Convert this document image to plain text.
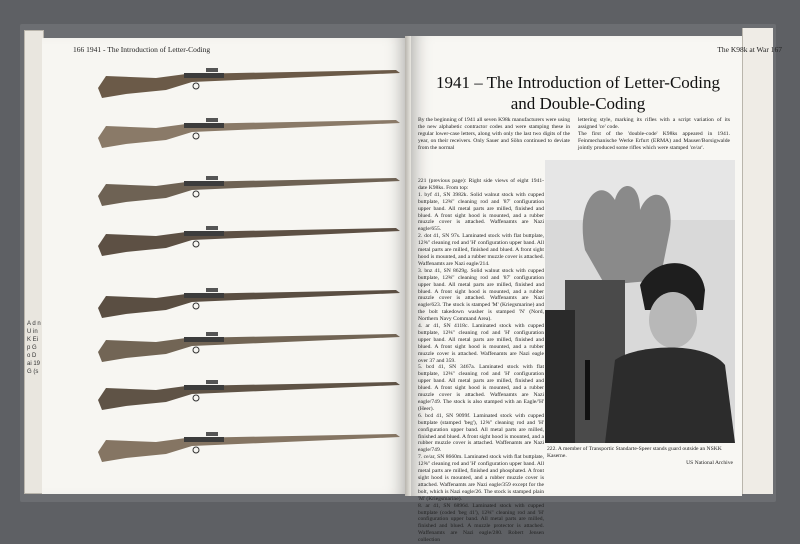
A d n U in K Ei p G o D ai 19 G (s
166 1941 - The Introduction of Letter-Coding	The K98k at War 167
1941 – The Introduction of Letter-Coding
and Double-Coding
By the beginning of 1941 all seven K98k manufacturers were using the new alphabetic contractor codes and were stamping these in regular lower-case letters, along with only the last two digits of the year, on their receivers. Only Sauer and Söhn continued to deviate from the normal
lettering style, marking its rifles with a script variation of its assigned 'ce' code.
The first of the 'double-code' K98ks appeared in 1941. Feinmechanische Werke Erfurt (ERMA) and Mauser/Borsigwalde jointly produced some rifles which were stamped 'ce/ar'.

221 (previous page): Right side views of eight 1941-date K98ks. From top:

1. byf 41, SN 3982k. Solid walnut stock with cupped buttplate, 12⅝" cleaning rod and '87' configuration upper band. All metal parts are milled, finished and blued. A front sight hood is mounted, and a rubber muzzle cover is attached. Waffenamts are Nazi eagle/655.

2. dot 41, SN 97s. Laminated stock with flat buttplate, 12⅝" cleaning rod and 'H' configuration upper band. All metal parts are milled, finished and blued. A front sight hood is mounted, and a rubber muzzle cover is attached. Waffenamts are Nazi eagle/214.

3. bnz 41, SN 8629g. Solid walnut stock with cupped buttplate, 12⅝" cleaning rod and '87' configuration upper band. All metal parts are milled, finished and blued. A front sight hood is mounted, and a rubber muzzle cover is attached. Waffenamts are Nazi eagle/623. The stock is stamped 'M' (Kriegsmarine) and the bolt takedown washer is stamped 'N' (Nord, Northern Navy Command Area).

4. ar 41, SN 4118c. Laminated stock with cupped buttplate, 12⅝" cleaning rod and 'H' configuration upper band. All metal parts are milled, finished and blued. A front sight hood is mounted, and a rubber muzzle cover is attached. Waffenamts are Nazi eagle over 37 and 359.

5. bcd 41, SN 3467a. Laminated stock with flat buttplate, 12⅝" cleaning rod and 'H' configuration upper band. All metal parts are milled, finished and blued. A front sight hood is mounted, and a rubber muzzle cover is attached. Waffenamts are Nazi eagle/749. The stock is also stamped with an Eagle/'H' (Heer).

6. bcd 41, SN 9099f. Laminated stock with cupped buttplate (stamped 'beg'), 12⅝" cleaning rod and 'H' configuration upper band. All metal parts are milled, finished and blued. A front sight hood is mounted, and a rubber muzzle cover is attached. Waffenamts are Nazi eagle/749.

7. ce/ar, SN 8660m. Laminated stock with flat buttplate, 12⅝" cleaning rod and 'H' configuration upper band. All metal parts are milled, finished and phosphated. A front sight hood is mounted, and a rubber muzzle cover is attached. Waffenamts are Nazi eagle/359 except for the bolt, which is Nazi eagle/26. The stock is stamped plain 'M' (Kriegsmarine).

8. ar 41, SN 6896d. Laminated stock with cupped buttplate (coded 'beg 41'), 12⅝" cleaning rod and 'H' configuration upper band. All metal parts are milled, finished and blued. A muzzle protector is attached. Waffenamts are Nazi eagle/280. Robert Jensen collection

222. A member of Transportic Standarte-Speer stands guard outside an NSKK Kaserne.
US National Archive
